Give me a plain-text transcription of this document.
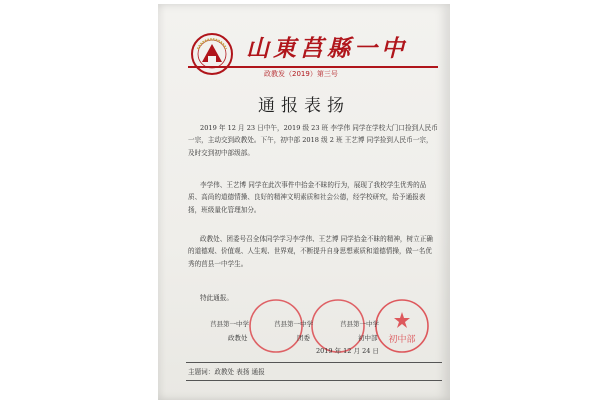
山東莒縣一中
政教发（2019）第三号
通报表扬

2019 年 12 月 23 日中午，2019 级 23 班 李学伟 同学在学校大门口捡到人民币一宗，主动交到政教处。下午，初中部 2018 级 2 班 王艺博 同学捡到人民币一宗，及时交到初中部级部。

李学伟、王艺博 同学在此次事件中拾金不昧的行为，展现了我校学生优秀的品质、高尚的道德情操、良好的精神文明素质和社会公德，经学校研究，给予通报表扬，班级量化管理加分。

政教处、团委号召全体同学学习李学伟、王艺博 同学拾金不昧的精神，树立正确的道德观、价值观、人生观、世界观，不断提升自身思想素质和道德情操，做一名优秀的莒县一中学生。

特此通报。

初中部
莒县第一中学
政教处
莒县第一中学
团委
莒县第一中学
初中部
2019 年 12 月 24 日
主题词：政教处 表扬 通报
